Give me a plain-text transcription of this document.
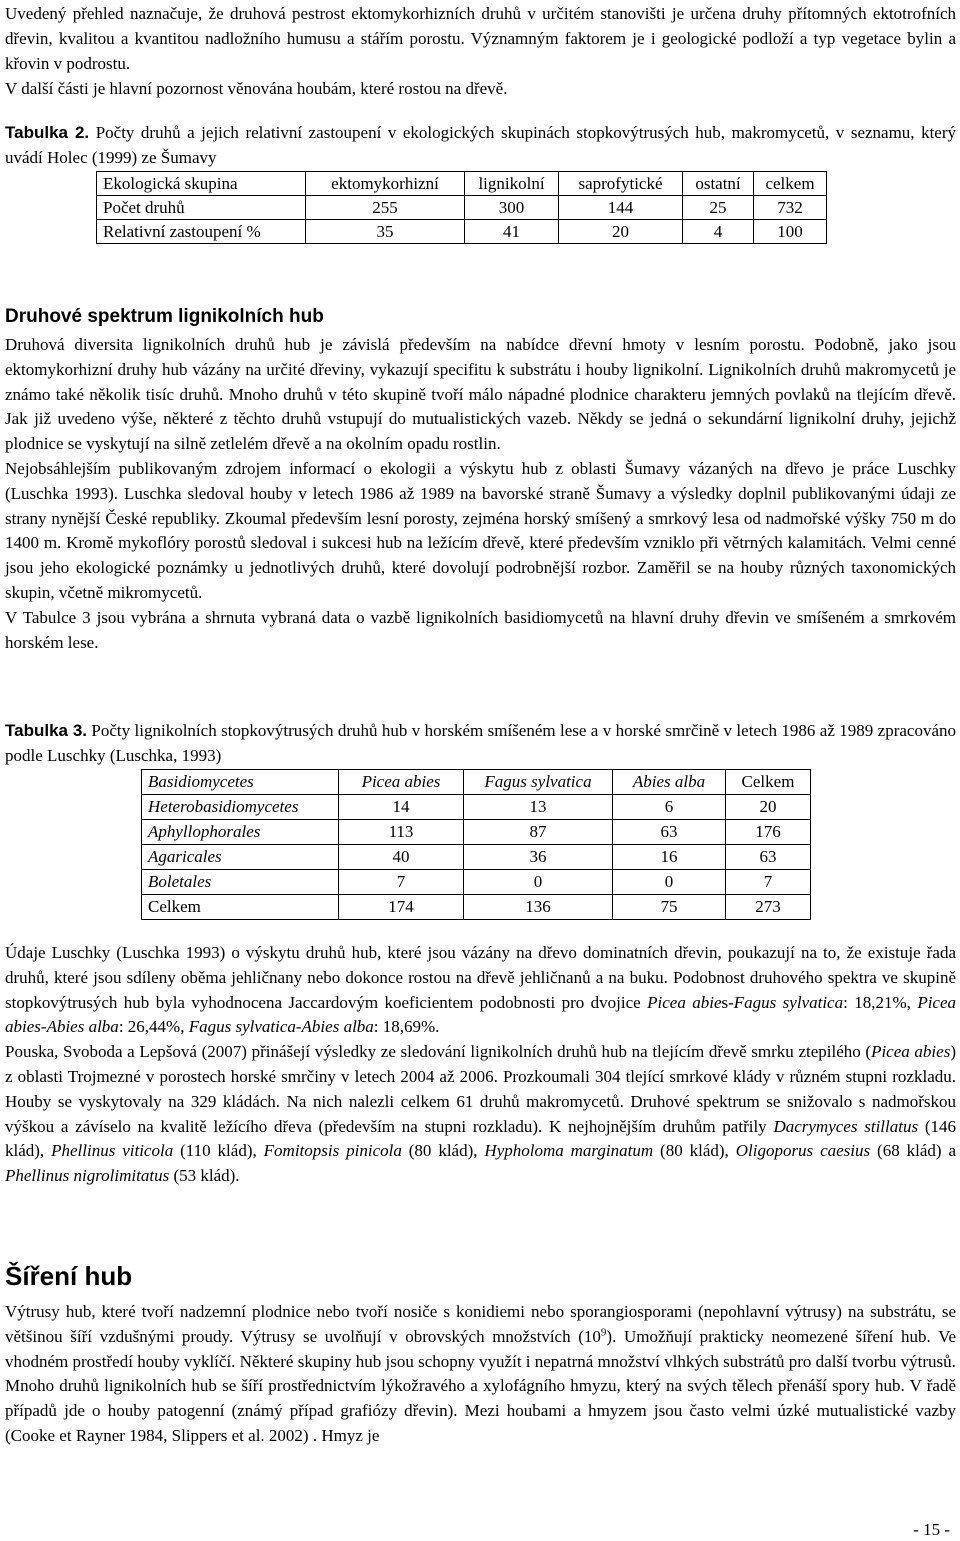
Uvedený přehled naznačuje, že druhová pestrost ektomykorhizních druhů v určitém stanovišti je určena druhy přítomných ektotrofních dřevin, kvalitou a kvantitou nadložního humusu a stářím porostu. Významným faktorem je i geologické podloží a typ vegetace bylin a křovin v podrostu.

V další části je hlavní pozornost věnována houbám, které rostou na dřevě.

Tabulka 2. Počty druhů a jejich relativní zastoupení v ekologických skupinách stopkovýtrusých hub, makromycetů, v seznamu, který uvádí Holec (1999) ze Šumavy
Ekologická skupina	ektomykorhizní	lignikolní	saprofytické	ostatní	celkem
Počet druhů	255	300	144	25	732
Relativní zastoupení %	35	41	20	4	100
Druhové spektrum lignikolních hub

Druhová diversita lignikolních druhů hub je závislá především na nabídce dřevní hmoty v lesním porostu. Podobně, jako jsou ektomykorhizní druhy hub vázány na určité dřeviny, vykazují specifitu k substrátu i houby lignikolní. Lignikolních druhů makromycetů je známo také několik tisíc druhů. Mnoho druhů v této skupině tvoří málo nápadné plodnice charakteru jemných povlaků na tlejícím dřevě. Jak již uvedeno výše, některé z těchto druhů vstupují do mutualistických vazeb. Někdy se jedná o sekundární lignikolní druhy, jejichž plodnice se vyskytují na silně zetlelém dřevě a na okolním opadu rostlin.

Nejobsáhlejším publikovaným zdrojem informací o ekologii a výskytu hub z oblasti Šumavy vázaných na dřevo je práce Luschky (Luschka 1993). Luschka sledoval houby v letech 1986 až 1989 na bavorské straně Šumavy a výsledky doplnil publikovanými údaji ze strany nynější České republiky. Zkoumal především lesní porosty, zejména horský smíšený a smrkový lesa od nadmořské výšky 750 m do 1400 m. Kromě mykoflóry porostů sledoval i sukcesi hub na ležícím dřevě, které především vzniklo při větrných kalamitách. Velmi cenné jsou jeho ekologické poznámky u jednotlivých druhů, které dovolují podrobnější rozbor. Zaměřil se na houby různých taxonomických skupin, včetně mikromycetů.

V Tabulce 3 jsou vybrána a shrnuta vybraná data o vazbě lignikolních basidiomycetů na hlavní druhy dřevin ve smíšeném a smrkovém horském lese.

Tabulka 3. Počty lignikolních stopkovýtrusých druhů hub v horském smíšeném lese a v horské smrčině v letech 1986 až 1989 zpracováno podle Luschky (Luschka, 1993)
Basidiomycetes	Picea abies	Fagus sylvatica	Abies alba	Celkem
Heterobasidiomycetes	14	13	6	20
Aphyllophorales	113	87	63	176
Agaricales	40	36	16	63
Boletales	7	0	0	7
Celkem	174	136	75	273

Údaje Luschky (Luschka 1993) o výskytu druhů hub, které jsou vázány na dřevo dominatních dřevin, poukazují na to, že existuje řada druhů, které jsou sdíleny oběma jehličnany nebo dokonce rostou na dřevě jehličnanů a na buku. Podobnost druhového spektra ve skupině stopkovýtrusých hub byla vyhodnocena Jaccardovým koeficientem podobnosti pro dvojice Picea abies-Fagus sylvatica: 18,21%, Picea abies-Abies alba: 26,44%, Fagus sylvatica-Abies alba: 18,69%.

Pouska, Svoboda a Lepšová (2007) přinášejí výsledky ze sledování lignikolních druhů hub na tlejícím dřevě smrku ztepilého (Picea abies) z oblasti Trojmezné v porostech horské smrčiny v letech 2004 až 2006. Prozkoumali 304 tlející smrkové klády v různém stupni rozkladu. Houby se vyskytovaly na 329 kládách. Na nich nalezli celkem 61 druhů makromycetů. Druhové spektrum se snižovalo s nadmořskou výškou a závíselo na kvalitě ležícího dřeva (především na stupni rozkladu). K nejhojnějším druhům patřily Dacrymyces stillatus (146 klád), Phellinus viticola (110 klád), Fomitopsis pinicola (80 klád), Hypholoma marginatum (80 klád), Oligoporus caesius (68 klád) a Phellinus nigrolimitatus (53 klád).

Šíření hub

Výtrusy hub, které tvoří nadzemní plodnice nebo tvoří nosiče s konidiemi nebo sporangiosporami (nepohlavní výtrusy) na substrátu, se většinou šíří vzdušnými proudy. Výtrusy se uvolňují v obrovských množstvích $(10^9)$. Umožňují prakticky neomezené šíření hub. Ve vhodném prostředí houby vyklíčí. Některé skupiny hub jsou schopny využít i nepatrná množství vlhkých substrátů pro další tvorbu výtrusů.

Mnoho druhů lignikolních hub se šíří prostřednictvím lýkožravého a xylofágního hmyzu, který na svých tělech přenáší spory hub. V řadě případů jde o houby patogenní (známý případ grafiózy dřevin). Mezi houbami a hmyzem jsou často velmi úzké mutualistické vazby (Cooke et Rayner 1984, Slippers et al. 2002) . Hmyz je

- 15 -
